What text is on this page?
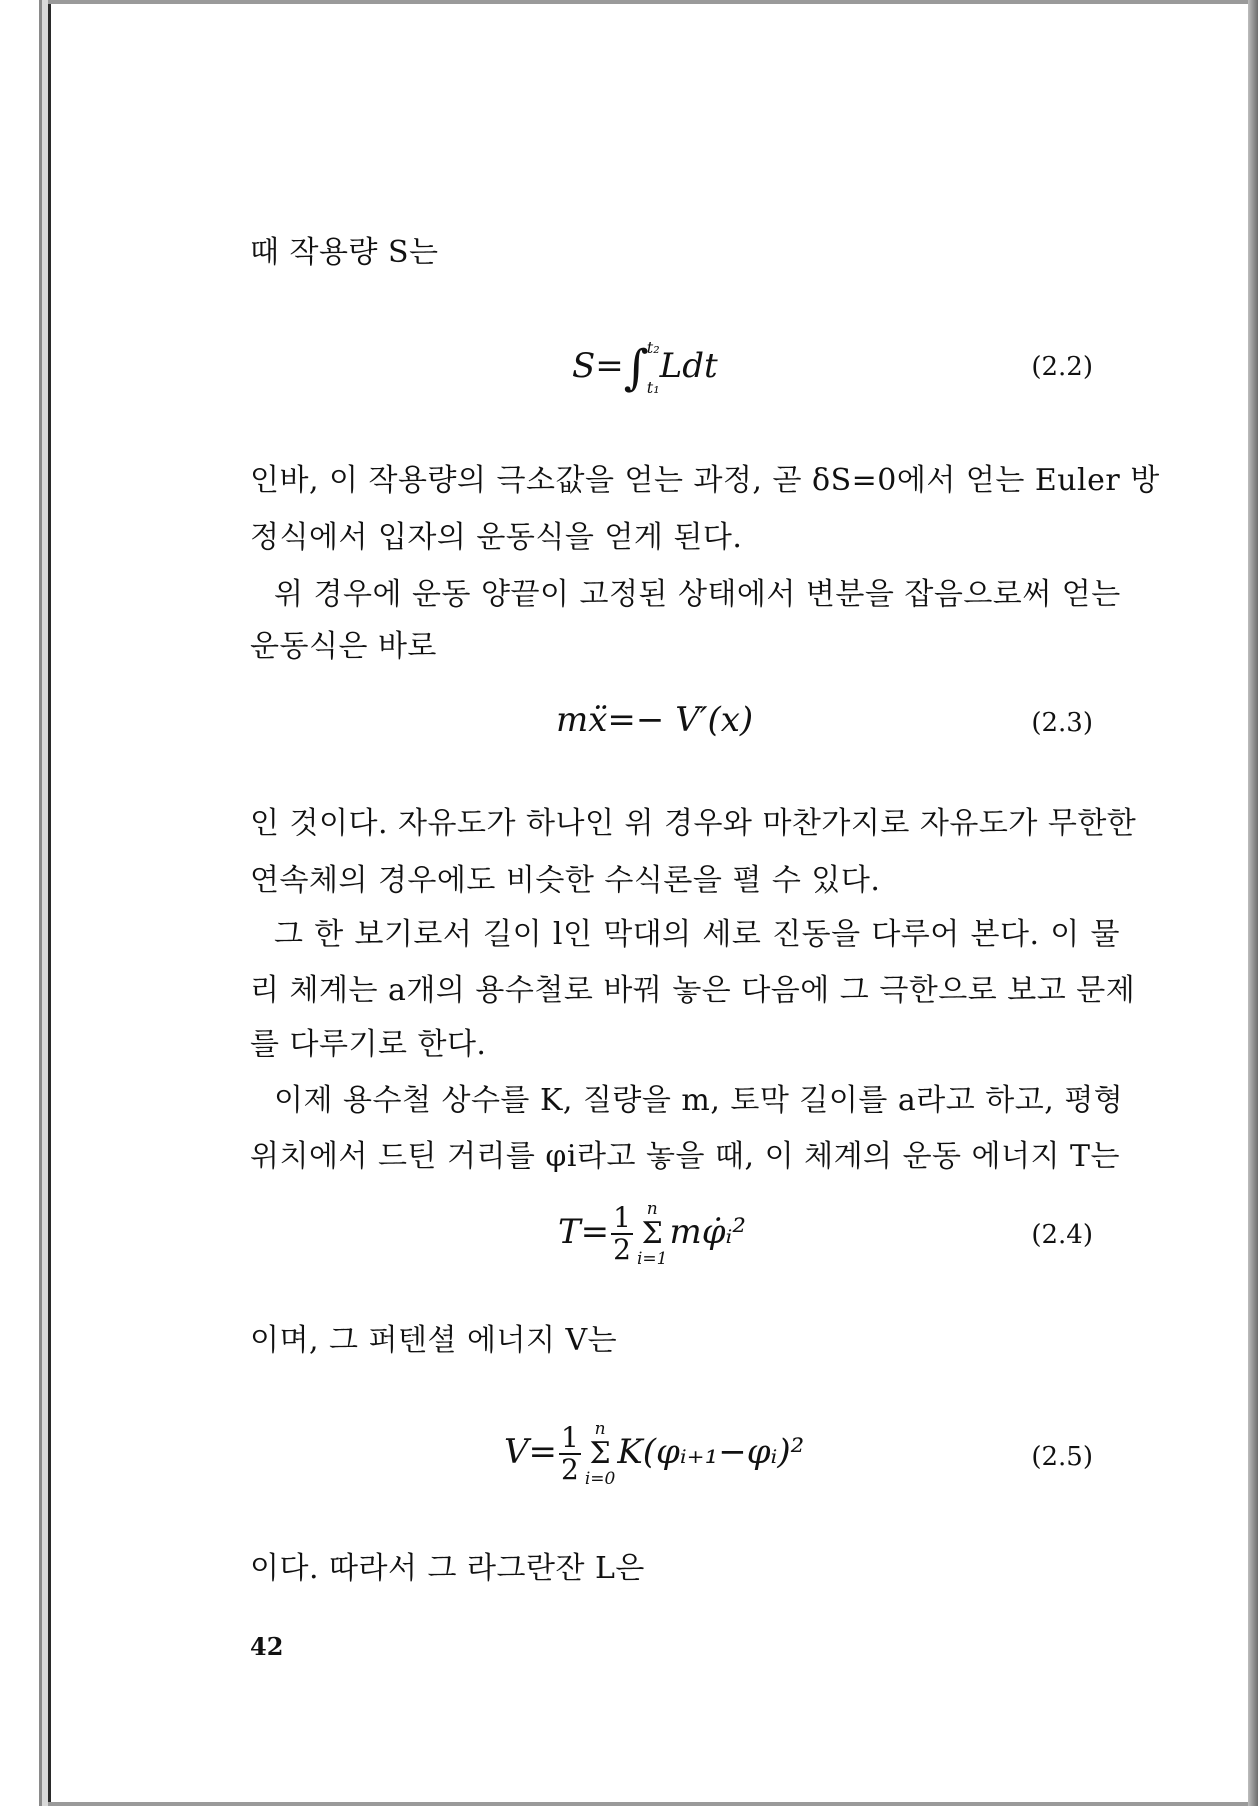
때 작용량 S는
S=∫
t₂
t₁
Ldt	(2.2)
인바, 이 작용량의 극소값을 얻는 과정, 곧 δS=0에서 얻는 Euler 방
정식에서 입자의 운동식을 얻게 된다.
위 경우에 운동 양끝이 고정된 상태에서 변분을 잡음으로써 얻는
운동식은 바로
mẍ=− V′(x)	(2.3)
인 것이다. 자유도가 하나인 위 경우와 마찬가지로 자유도가 무한한
연속체의 경우에도 비슷한 수식론을 펼 수 있다.
그 한 보기로서 길이 l인 막대의 세로 진동을 다루어 본다. 이 물
리 체계는 a개의 용수철로 바꿔 놓은 다음에 그 극한으로 보고 문제
를 다루기로 한다.
이제 용수철 상수를 K, 질량을 m, 토막 길이를 a라고 하고, 평형
위치에서 드틴 거리를 φi라고 놓을 때, 이 체계의 운동 에너지 T는
$T= \frac{1}{2}$ n
Σ
i=1
mφ̇ᵢ²	(2.4)
이며, 그 퍼텐셜 에너지 V는
$V= \frac{1}{2}$ n
Σ
i=0
K(φᵢ₊₁−φᵢ)²	(2.5)
이다. 따라서 그 라그란잔 L은
42
